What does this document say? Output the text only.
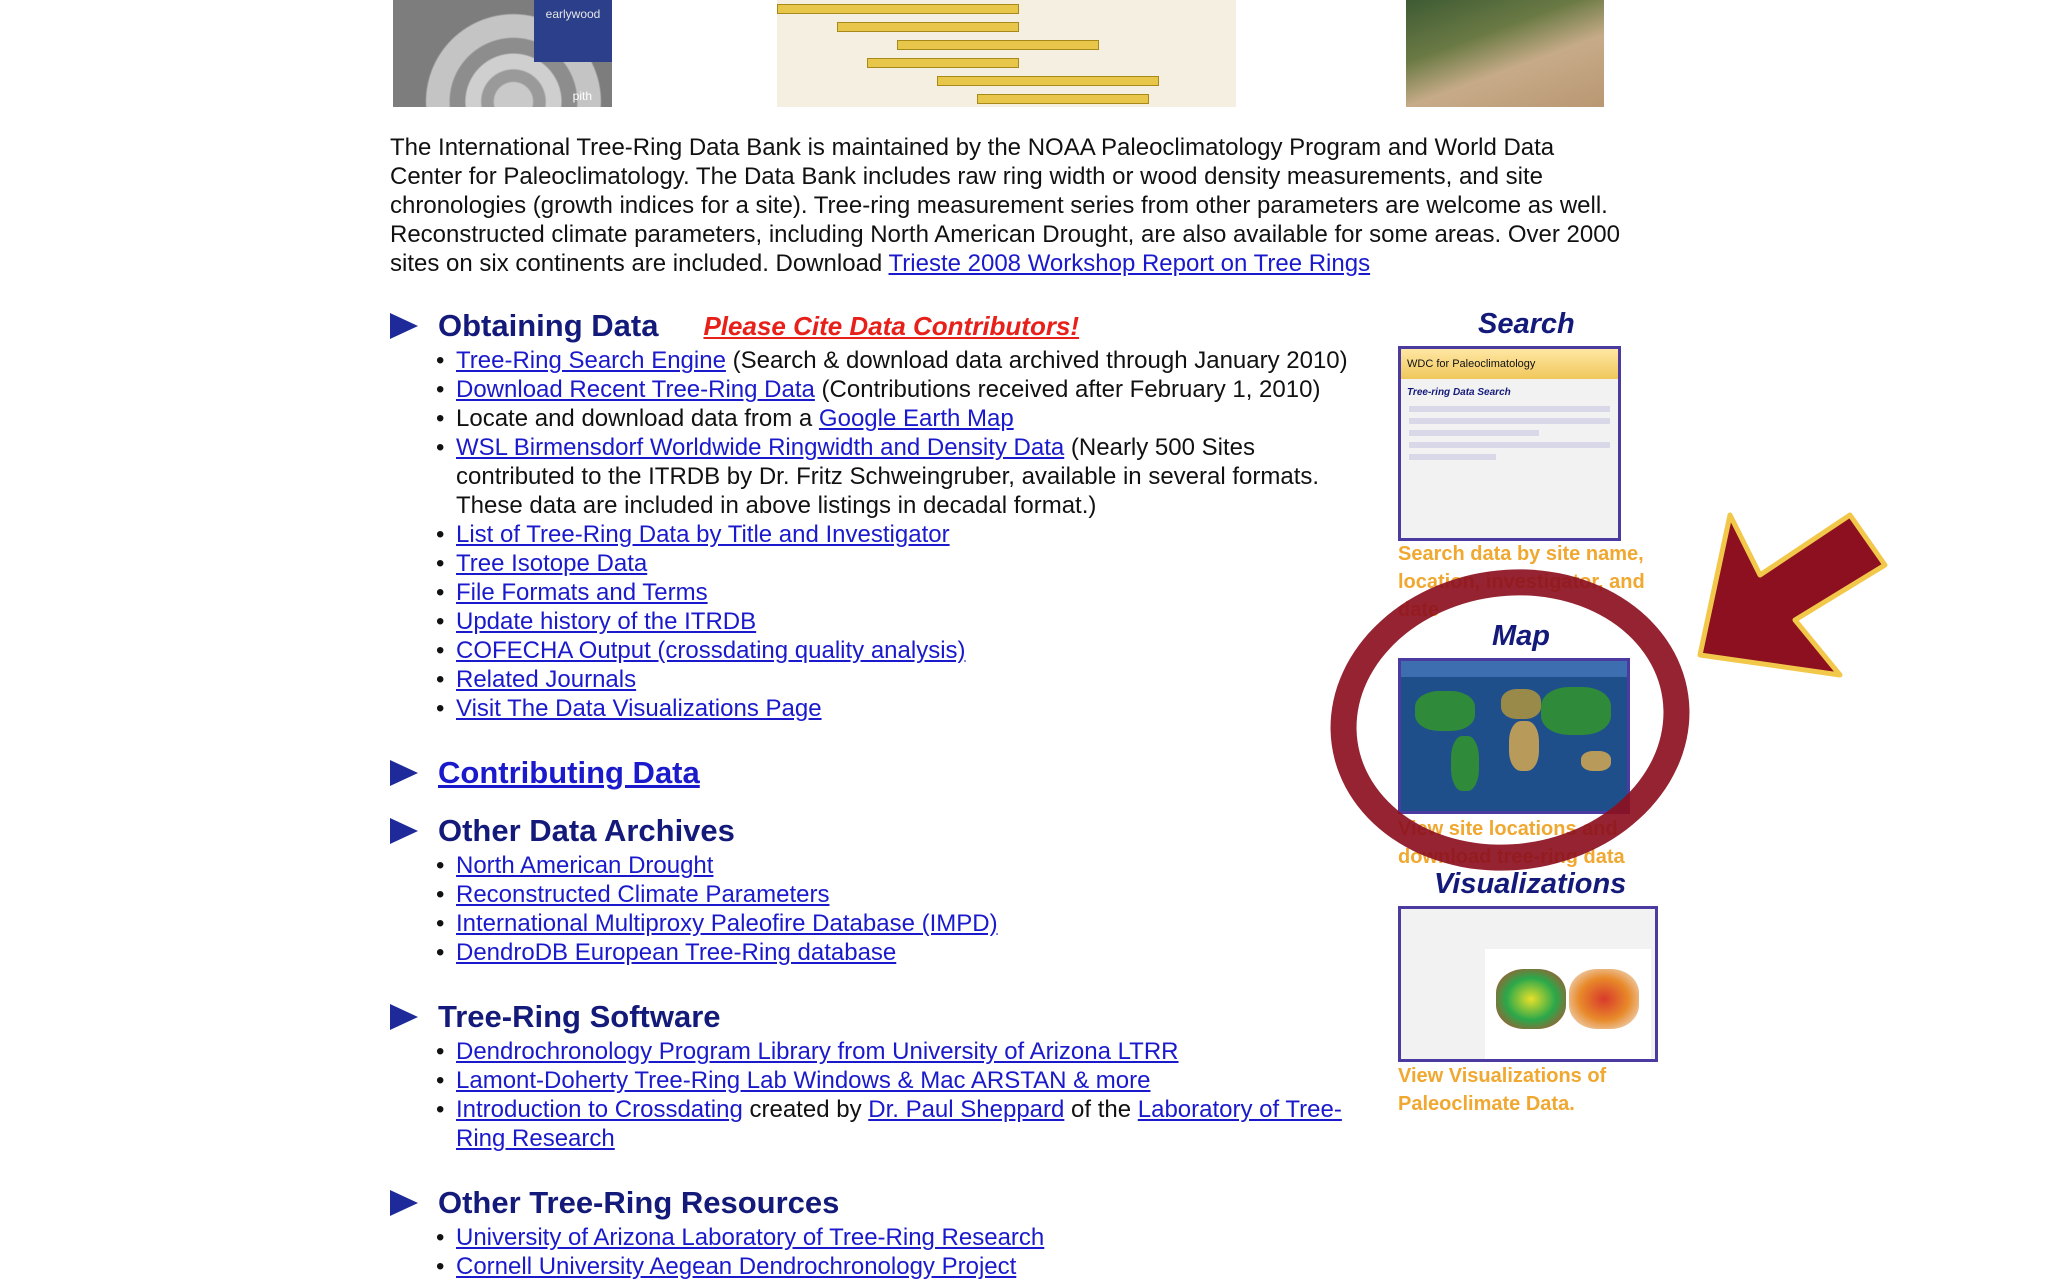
earlywood
pith

The International Tree-Ring Data Bank is maintained by the NOAA Paleoclimatology Program and World Data Center for Paleoclimatology. The Data Bank includes raw ring width or wood density measurements, and site chronologies (growth indices for a site). Tree-ring measurement series from other parameters are welcome as well. Reconstructed climate parameters, including North American Drought, are also available for some areas. Over 2000 sites on six continents are included. Download Trieste 2008 Workshop Report on Tree Rings

Obtaining Data Please Cite Data Contributors!
• Tree-Ring Search Engine (Search & download data archived through January 2010)
• Download Recent Tree-Ring Data (Contributions received after February 1, 2010)
• Locate and download data from a Google Earth Map
• WSL Birmensdorf Worldwide Ringwidth and Density Data (Nearly 500 Sites contributed to the ITRDB by Dr. Fritz Schweingruber, available in several formats. These data are included in above listings in decadal format.)
• List of Tree-Ring Data by Title and Investigator
• Tree Isotope Data
• File Formats and Terms
• Update history of the ITRDB
• COFECHA Output (crossdating quality analysis)
• Related Journals
• Visit The Data Visualizations Page
Contributing Data
Other Data Archives
• North American Drought
• Reconstructed Climate Parameters
• International Multiproxy Paleofire Database (IMPD)
• DendroDB European Tree-Ring database
Tree-Ring Software
• Dendrochronology Program Library from University of Arizona LTRR
• Lamont-Doherty Tree-Ring Lab Windows & Mac ARSTAN & more
• Introduction to Crossdating created by Dr. Paul Sheppard of the Laboratory of Tree-Ring Research
Other Tree-Ring Resources
• University of Arizona Laboratory of Tree-Ring Research
• Cornell University Aegean Dendrochronology Project
Search
WDC for Paleoclimatology
Tree-ring Data Search
Search data by site name, location, investigator, and date
Map
View site locations and download tree-ring data
Visualizations
View Visualizations of Paleoclimate Data.
